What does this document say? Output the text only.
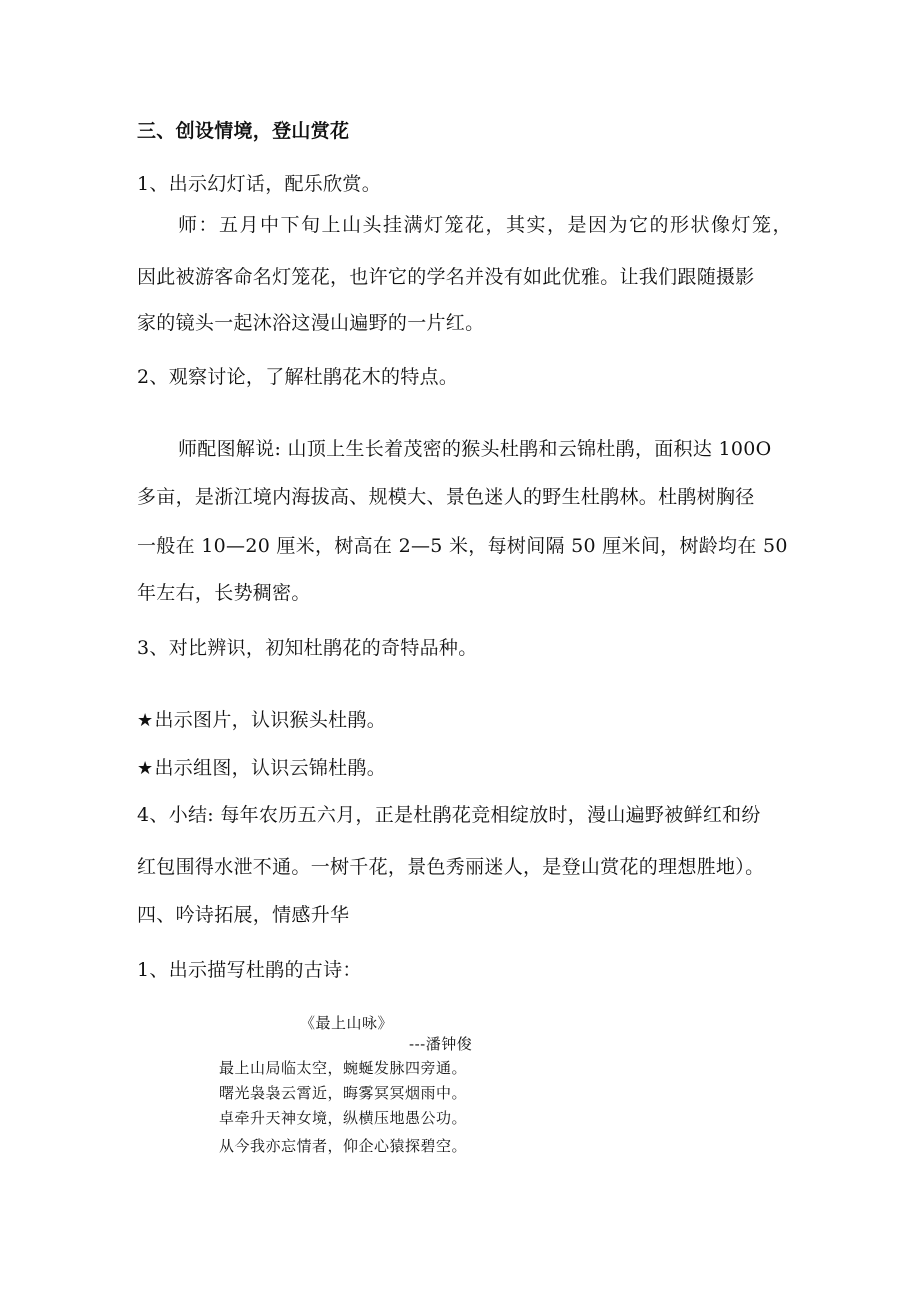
三、创设情境，登山赏花
1、出示幻灯话，配乐欣赏。
师：五月中下旬上山头挂满灯笼花，其实，是因为它的形状像灯笼，
因此被游客命名灯笼花，也许它的学名并没有如此优雅。让我们跟随摄影
家的镜头一起沐浴这漫山遍野的一片红。
2、观察讨论，了解杜鹃花木的特点。
师配图解说: 山顶上生长着茂密的猴头杜鹃和云锦杜鹃，面积达 100O
多亩，是浙江境内海拔高、规模大、景色迷人的野生杜鹃林。杜鹃树胸径
一般在 10—20 厘米，树高在 2—5 米，每树间隔 50 厘米间，树龄均在 50
年左右，长势稠密。
3、对比辨识，初知杜鹃花的奇特品种。
★出示图片，认识猴头杜鹃。
★出示组图，认识云锦杜鹃。
4、小结: 每年农历五六月，正是杜鹃花竞相绽放时，漫山遍野被鲜红和纷
红包围得水泄不通。一树千花，景色秀丽迷人，是登山赏花的理想胜地）。
四、吟诗拓展，情感升华
1、出示描写杜鹃的古诗：
《最上山咏》
---潘钟俊
最上山局临太空，蜿蜒发脉四旁通。
曙光袅袅云霄近，晦雾冥冥烟雨中。
卓牵升天神女境，纵横压地愚公功。
从今我亦忘情者，仰企心猿探碧空。
